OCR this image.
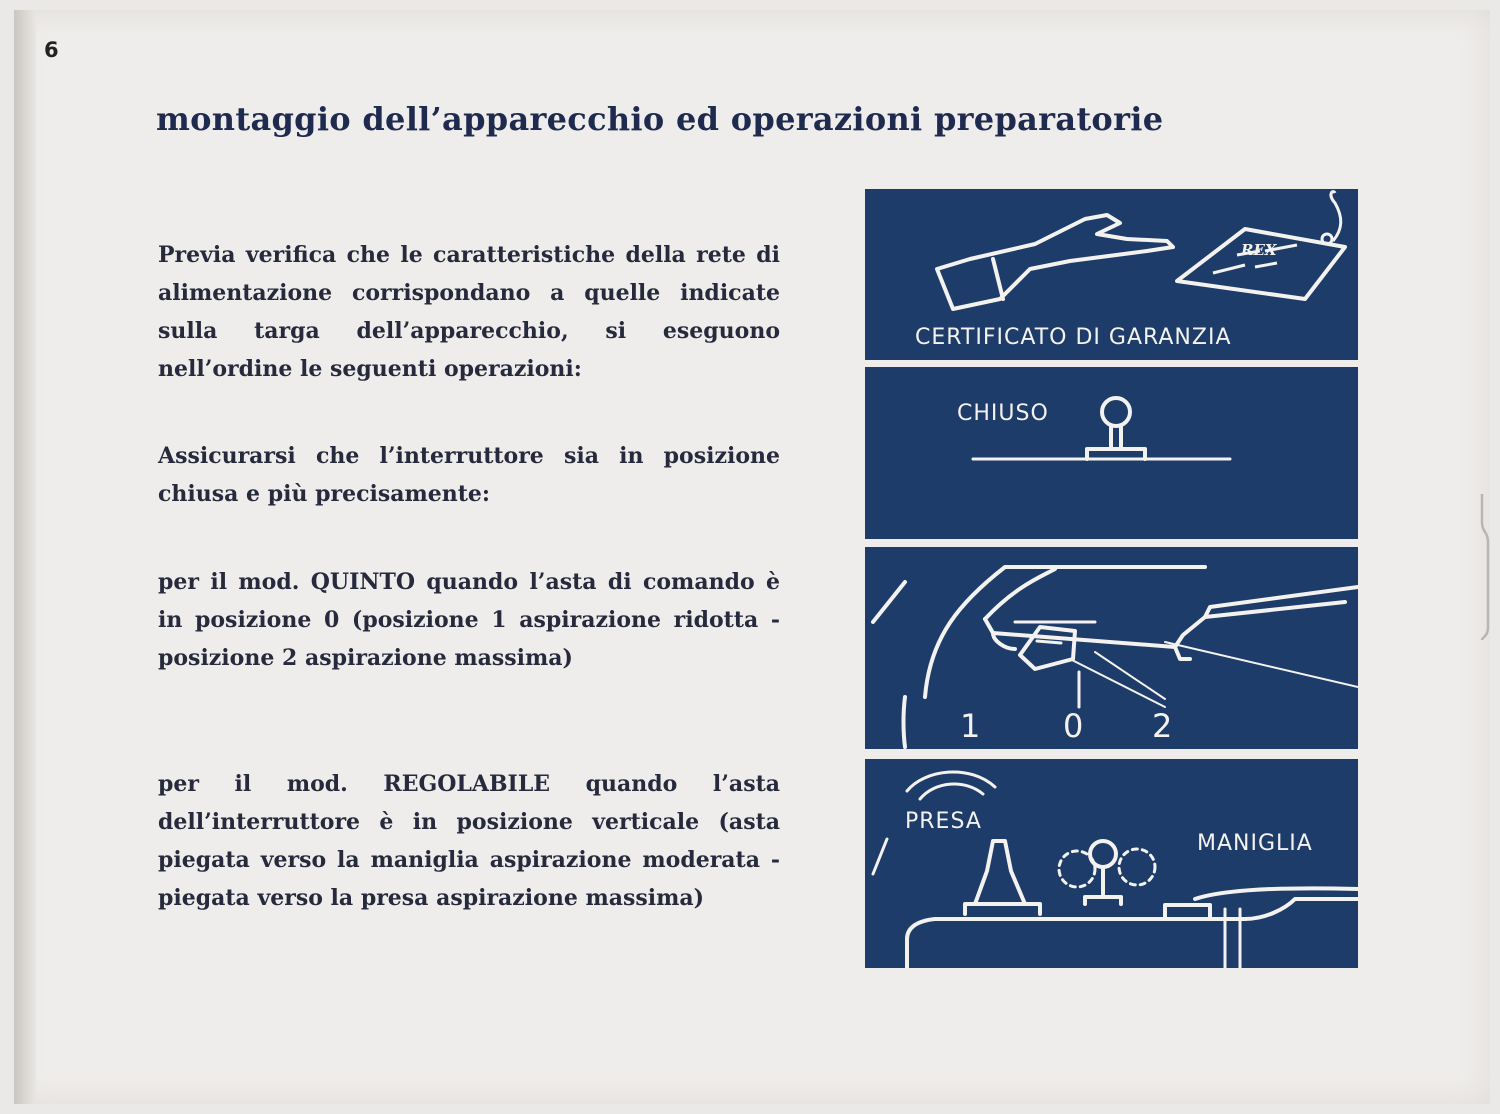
6
montaggio dell’apparecchio ed operazioni preparatorie

Previa verifica che le caratteristiche della rete di alimentazione corrispondano a quelle indicate sulla targa dell’apparecchio, si eseguono nell’ordine le seguenti operazioni:

Assicurarsi che l’interruttore sia in posizione chiusa e più precisamente:

per il mod. QUINTO quando l’asta di comando è in posizione 0 (posizione 1 aspirazione ridotta - posizione 2 aspirazione massima)

per il mod. REGOLABILE quando l’asta dell’interruttore è in posizione verticale (asta piegata verso la maniglia aspirazione moderata - piegata verso la presa aspirazione massima)

REX
CERTIFICATO DI GARANZIA
CHIUSO
1	0 2
PRESA
MANIGLIA
